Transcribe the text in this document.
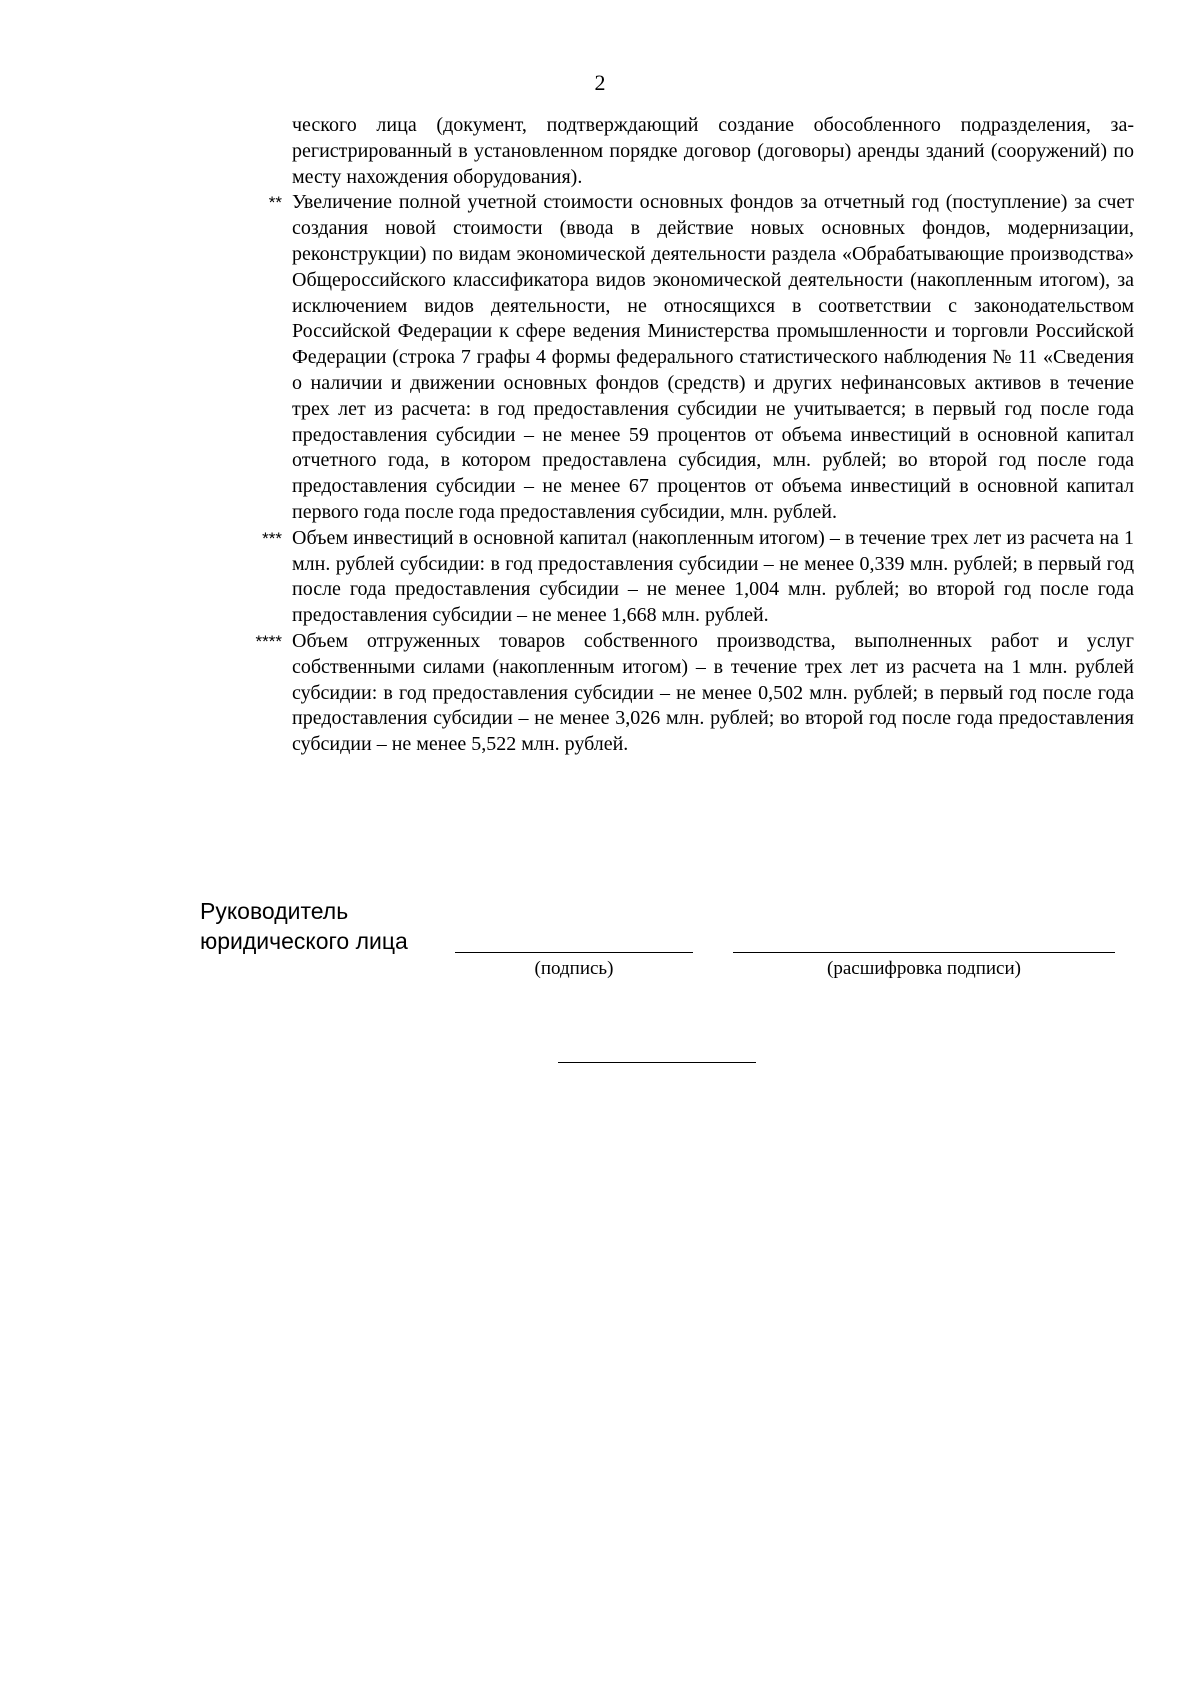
2
ческого лица (документ, подтверждающий создание обособленного подразделения, зарегистрированный в установленном порядке договор (договоры) аренды зданий (сооружений) по месту нахождения оборудования).
** Увеличение полной учетной стоимости основных фондов за отчетный год (поступление) за счет создания новой стоимости (ввода в действие новых основных фондов, модернизации, реконструкции) по видам экономической деятельности раздела «Обрабатывающие производства» Общероссийского классификатора видов экономической деятельности (накопленным итогом), за исключением видов деятельности, не относящихся в соответствии с законодательством Российской Федерации к сфере ведения Министерства промышленности и торговли Российской Федерации (строка 7 графы 4 формы федерального статистического наблюдения № 11 «Сведения о наличии и движении основных фондов (средств) и других нефинансовых активов в течение трех лет из расчета: в год предоставления субсидии не учитывается; в первый год после года предоставления субсидии – не менее 59 процентов от объема инвестиций в основной капитал отчетного года, в котором предоставлена субсидия, млн. рублей; во второй год после года предоставления субсидии – не менее 67 процентов от объема инвестиций в основной капитал первого года после года предоставления субсидии, млн. рублей.
*** Объем инвестиций в основной капитал (накопленным итогом) – в течение трех лет из расчета на 1 млн. рублей субсидии: в год предоставления субсидии – не менее 0,339 млн. рублей; в первый год после года предоставления субсидии – не менее 1,004 млн. рублей; во второй год после года предоставления субсидии – не менее 1,668 млн. рублей.
**** Объем отгруженных товаров собственного производства, выполненных работ и услуг собственными силами (накопленным итогом) – в течение трех лет из расчета на 1 млн. рублей субсидии: в год предоставления субсидии – не менее 0,502 млн. рублей; в первый год после года предоставления субсидии – не менее 3,026 млн. рублей; во второй год после года предоставления субсидии – не менее 5,522 млн. рублей.
Руководитель
юридического лица
(подпись)	(расшифровка подписи)
